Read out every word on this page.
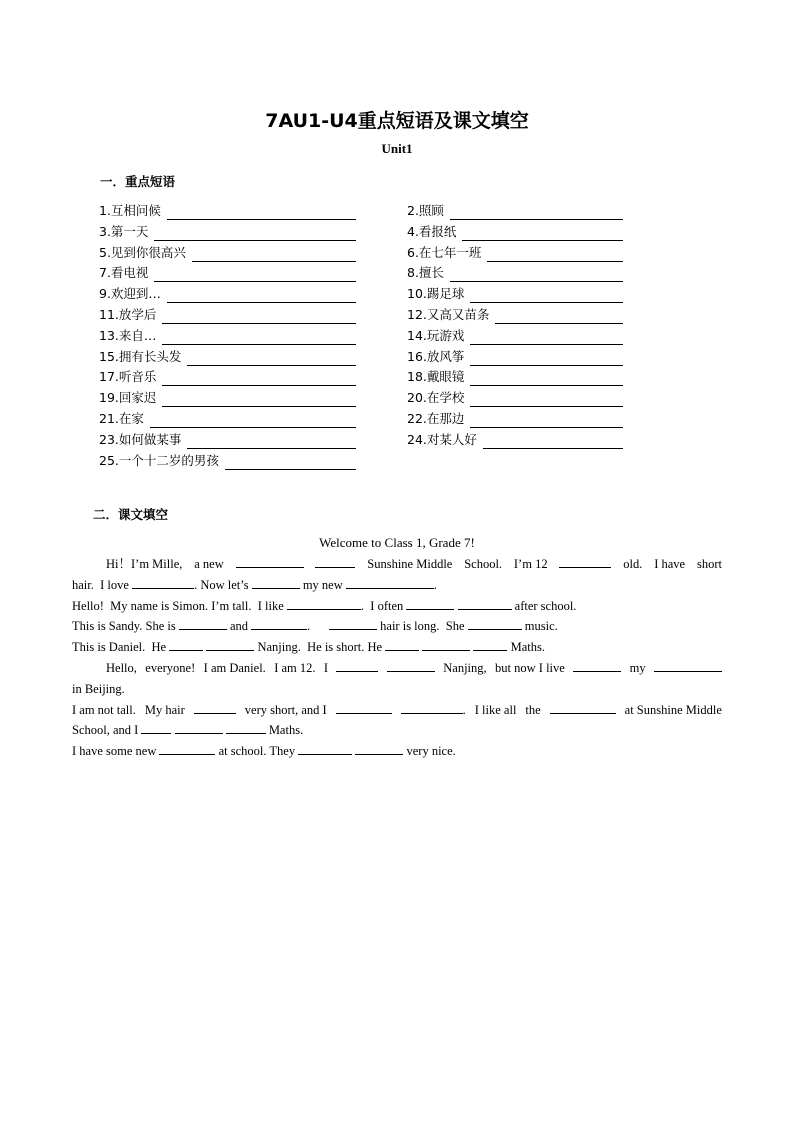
7AU1-U4重点短语及课文填空
Unit1
一．重点短语
1.互相问候	2.照顾
3.第一天	4.看报纸
5.见到你很高兴	6.在七年一班
7.看电视	8.擅长
9.欢迎到…	10.踢足球
11.放学后	12.又高又苗条
13.来自…	14.玩游戏
15.拥有长头发	16.放风筝
17.听音乐	18.戴眼镜
19.回家迟	20.在学校
21.在家	22.在那边
23.如何做某事	24.对某人好
25.一个十二岁的男孩
二．课文填空
Welcome to Class 1, Grade 7!
Hi！I’m Mille, a new	Sunshine Middle School. I’m 12	old. I have short
hair.  I love	. Now let’s	my new	.
Hello!  My name is Simon. I’m tall.  I like	.  I often	after school.
This is Sandy. She is	and	.	hair is long.  She	music.
This is Daniel.  He	Nanjing.  He is short. He	Maths.
Hello, everyone! I am Daniel. I am 12. I	Nanjing, but now I live	my
in Beijing.
I am not tall. My hair	very short, and I	. I like all the	at Sunshine Middle
School, and I	Maths.
I have some new	at school. They	very nice.
